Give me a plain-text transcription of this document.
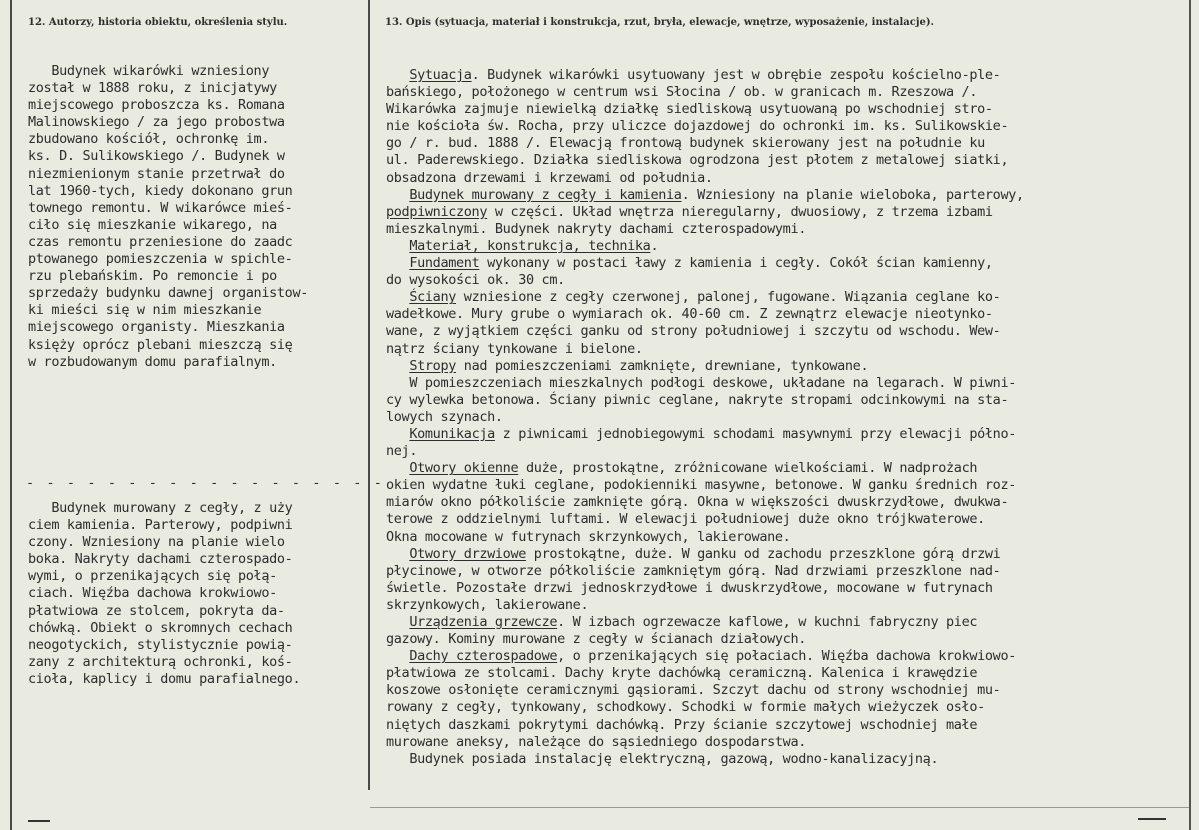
12. Autorzy, historia obiektu, określenia stylu.	13. Opis (sytuacja, materiał i konstrukcja, rzut, bryła, elewacje, wnętrze, wyposażenie, instalacje).
Budynek wikarówki wzniesiony
został w 1888 roku, z inicjatywy
miejscowego proboszcza ks. Romana
Malinowskiego / za jego probostwa
zbudowano kościół, ochronkę im.
ks. D. Sulikowskiego /. Budynek w
niezmienionym stanie przetrwał do
lat 1960-tych, kiedy dokonano grun
townego remontu. W wikarówce mieś-
ciło się mieszkanie wikarego, na
czas remontu przeniesione do zaadc
ptowanego pomieszczenia w spichle-
rzu plebańskim. Po remoncie i po
sprzedaży budynku dawnej organistow-
ki mieści się w nim mieszkanie
miejscowego organisty. Mieszkania
księży oprócz plebani mieszczą się
w rozbudowanym domu parafialnym.
- - - - - - - - - - - - - - - - - -
Budynek murowany z cegły, z uży
ciem kamienia. Parterowy, podpiwni
czony. Wzniesiony na planie wielo
boka. Nakryty dachami czterospado-
wymi, o przenikających się połą-
ciach. Więźba dachowa krokwiowo-
płatwiowa ze stolcem, pokryta da-
chówką. Obiekt o skromnych cechach
neogotyckich, stylistycznie powią-
zany z architekturą ochronki, koś-
cioła, kaplicy i domu parafialnego.
Sytuacja. Budynek wikarówki usytuowany jest w obrębie zespołu kościelno-ple-
bańskiego, położonego w centrum wsi Słocina / ob. w granicach m. Rzeszowa /.
Wikarówka zajmuje niewielką działkę siedliskową usytuowaną po wschodniej stro-
nie kościoła św. Rocha, przy uliczce dojazdowej do ochronki im. ks. Sulikowskie-
go / r. bud. 1888 /. Elewacją frontową budynek skierowany jest na południe ku
ul. Paderewskiego. Działka siedliskowa ogrodzona jest płotem z metalowej siatki,
obsadzona drzewami i krzewami od południa.
Budynek murowany z cegły i kamienia. Wzniesiony na planie wieloboka, parterowy,
podpiwniczony w części. Układ wnętrza nieregularny, dwuosiowy, z trzema izbami
mieszkalnymi. Budynek nakryty dachami czterospadowymi.
Materiał, konstrukcja, technika.
Fundament wykonany w postaci ławy z kamienia i cegły. Cokół ścian kamienny,
do wysokości ok. 30 cm.
Ściany wzniesione z cegły czerwonej, palonej, fugowane. Wiązania ceglane ko-
wadełkowe. Mury grube o wymiarach ok. 40-60 cm. Z zewnątrz elewacje nieotynko-
wane, z wyjątkiem części ganku od strony południowej i szczytu od wschodu. Wew-
nątrz ściany tynkowane i bielone.
Stropy nad pomieszczeniami zamknięte, drewniane, tynkowane.
W pomieszczeniach mieszkalnych podłogi deskowe, układane na legarach. W piwni-
cy wylewka betonowa. Ściany piwnic ceglane, nakryte stropami odcinkowymi na sta-
lowych szynach.
Komunikacja z piwnicami jednobiegowymi schodami masywnymi przy elewacji półno-
nej.
Otwory okienne duże, prostokątne, zróżnicowane wielkościami. W nadprożach
okien wydatne łuki ceglane, podokienniki masywne, betonowe. W ganku średnich roz-
miarów okno półkoliście zamknięte górą. Okna w większości dwuskrzydłowe, dwukwa-
terowe z oddzielnymi luftami. W elewacji południowej duże okno trójkwaterowe.
Okna mocowane w futrynach skrzynkowych, lakierowane.
Otwory drzwiowe prostokątne, duże. W ganku od zachodu przeszklone górą drzwi
płycinowe, w otworze półkoliście zamkniętym górą. Nad drzwiami przeszklone nad-
świetle. Pozostałe drzwi jednoskrzydłowe i dwuskrzydłowe, mocowane w futrynach
skrzynkowych, lakierowane.
Urządzenia grzewcze. W izbach ogrzewacze kaflowe, w kuchni fabryczny piec
gazowy. Kominy murowane z cegły w ścianach działowych.
Dachy czterospadowe, o przenikających się połaciach. Więźba dachowa krokwiowo-
płatwiowa ze stolcami. Dachy kryte dachówką ceramiczną. Kalenica i krawędzie
koszowe osłonięte ceramicznymi gąsiorami. Szczyt dachu od strony wschodniej mu-
rowany z cegły, tynkowany, schodkowy. Schodki w formie małych wieżyczek osło-
niętych daszkami pokrytymi dachówką. Przy ścianie szczytowej wschodniej małe
murowane aneksy, należące do sąsiedniego dospodarstwa.
Budynek posiada instalację elektryczną, gazową, wodno-kanalizacyjną.
